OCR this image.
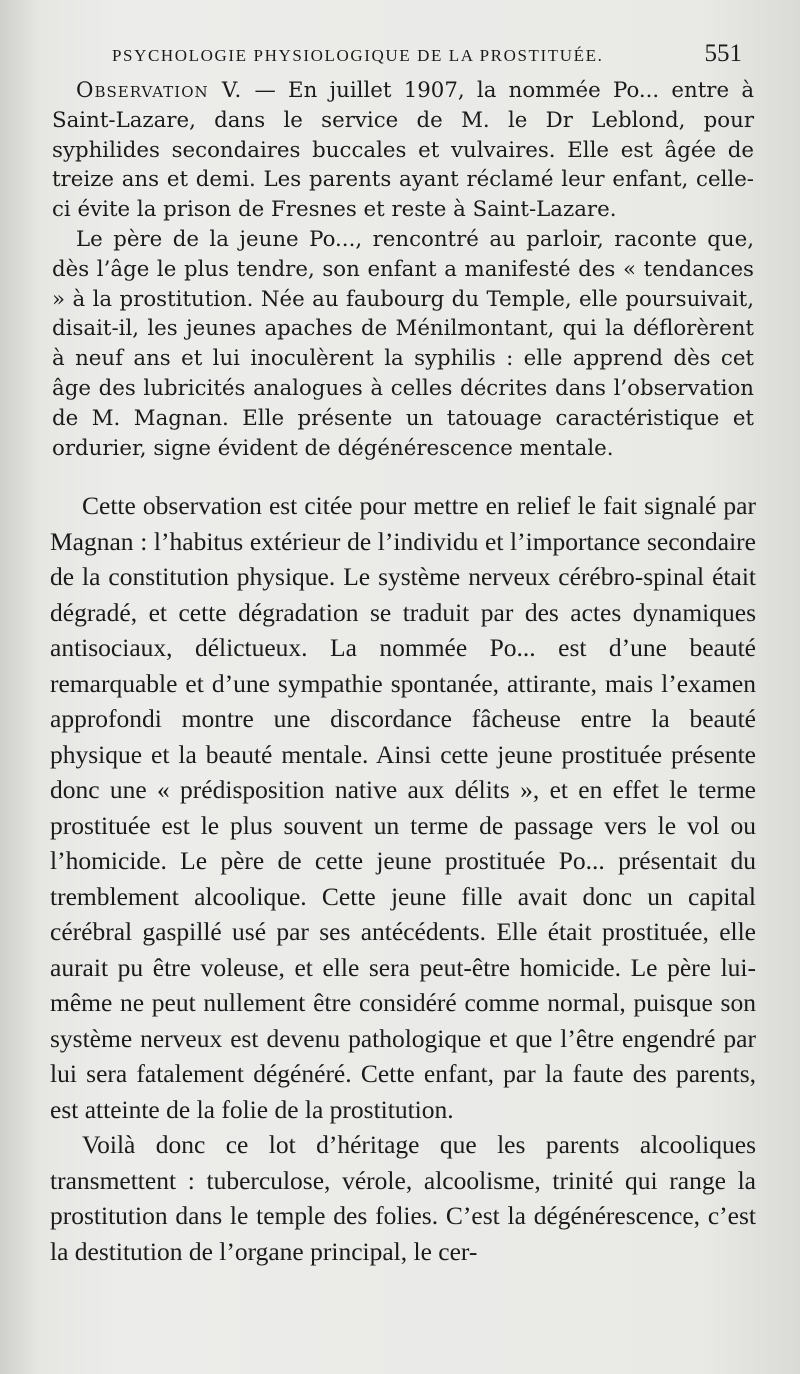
PSYCHOLOGIE PHYSIOLOGIQUE DE LA PROSTITUÉE.	551

Observation V. — En juillet 1907, la nommée Po... entre à Saint-Lazare, dans le service de M. le Dr Leblond, pour syphilides secondaires buccales et vulvaires. Elle est âgée de treize ans et demi. Les parents ayant réclamé leur enfant, celle-ci évite la prison de Fresnes et reste à Saint-Lazare.

Le père de la jeune Po..., rencontré au parloir, raconte que, dès l’âge le plus tendre, son enfant a manifesté des « tendances » à la prostitution. Née au faubourg du Temple, elle poursuivait, disait-il, les jeunes apaches de Ménilmontant, qui la déflorèrent à neuf ans et lui inoculèrent la syphilis : elle apprend dès cet âge des lubricités analogues à celles décrites dans l’observation de M. Magnan. Elle présente un tatouage caractéristique et ordurier, signe évident de dégénérescence mentale.

Cette observation est citée pour mettre en relief le fait signalé par Magnan : l’habitus extérieur de l’individu et l’importance secondaire de la constitution physique. Le système nerveux cérébro-spinal était dégradé, et cette dégradation se traduit par des actes dynamiques antisociaux, délictueux. La nommée Po... est d’une beauté remarquable et d’une sympathie spontanée, attirante, mais l’examen approfondi montre une discordance fâcheuse entre la beauté physique et la beauté mentale. Ainsi cette jeune prostituée présente donc une « prédisposition native aux délits », et en effet le terme prostituée est le plus souvent un terme de passage vers le vol ou l’homicide. Le père de cette jeune prostituée Po... présentait du tremblement alcoolique. Cette jeune fille avait donc un capital cérébral gaspillé usé par ses antécédents. Elle était prostituée, elle aurait pu être voleuse, et elle sera peut-être homicide. Le père lui-même ne peut nullement être considéré comme normal, puisque son système nerveux est devenu pathologique et que l’être engendré par lui sera fatalement dégénéré. Cette enfant, par la faute des parents, est atteinte de la folie de la prostitution.

Voilà donc ce lot d’héritage que les parents alcooliques transmettent : tuberculose, vérole, alcoolisme, trinité qui range la prostitution dans le temple des folies. C’est la dégénérescence, c’est la destitution de l’organe principal, le cer-
